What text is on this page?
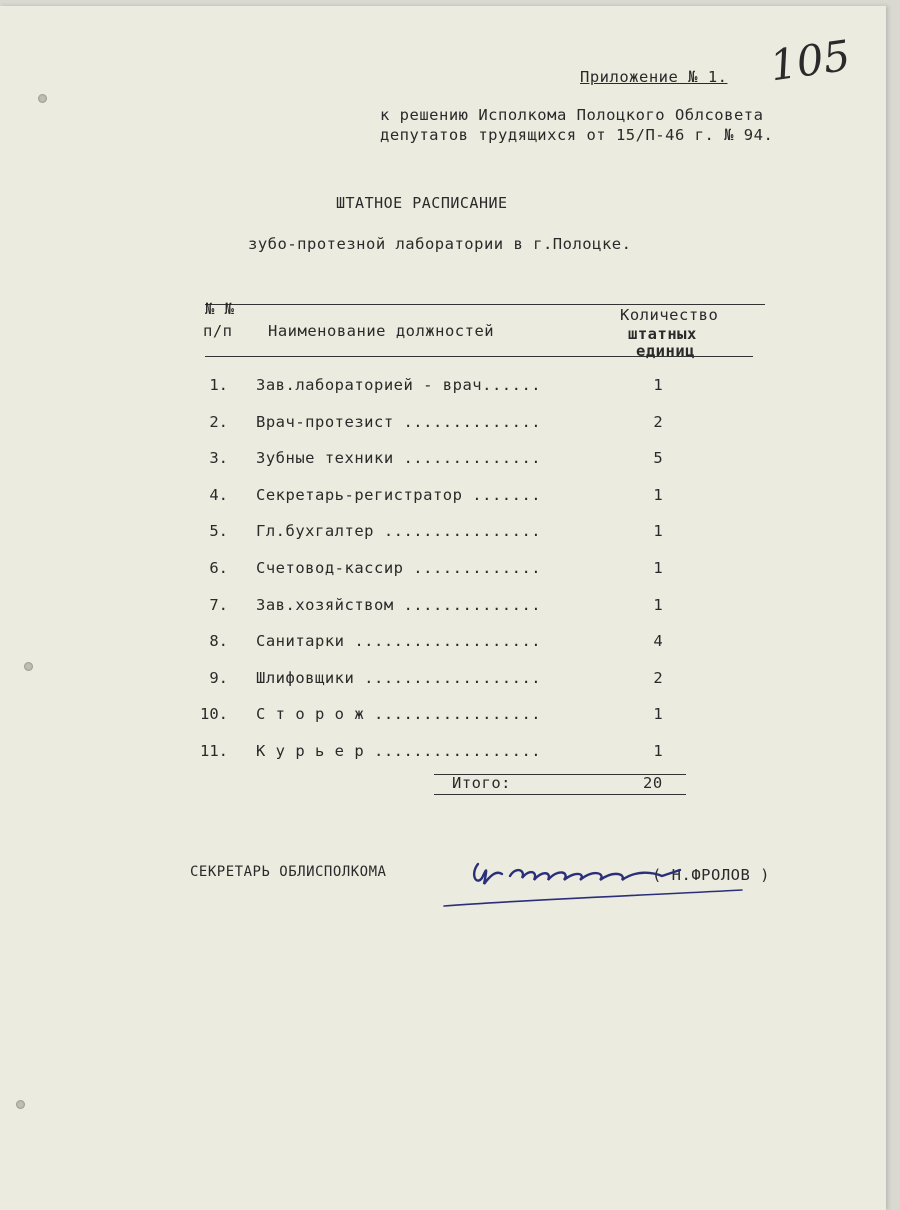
105
Приложение № 1.
к решению Исполкома Полоцкого Облсовета
депутатов трудящихся от 15/П-46 г. № 94.
ШТАТНОЕ РАСПИСАНИЕ
зубо-протезной лаборатории в г.Полоцке.
№ №
п/п Наименование должностей
Количество
штатных
единиц
1. Зав.лабораторией - врач......	1
2. Врач-протезист ..............	2
3. Зубные техники ..............	5
4. Секретарь-регистратор .......	1
5. Гл.бухгалтер ................	1
6. Счетовод-кассир .............	1
7. Зав.хозяйством ..............	1
8. Санитарки ...................	4
9. Шлифовщики ..................	2
10. С т о р о ж .................	1
11. К у р ь е р .................	1
Итого:	20
СЕКРЕТАРЬ ОБЛИСПОЛКОМА	( Н.ФРОЛОВ )
